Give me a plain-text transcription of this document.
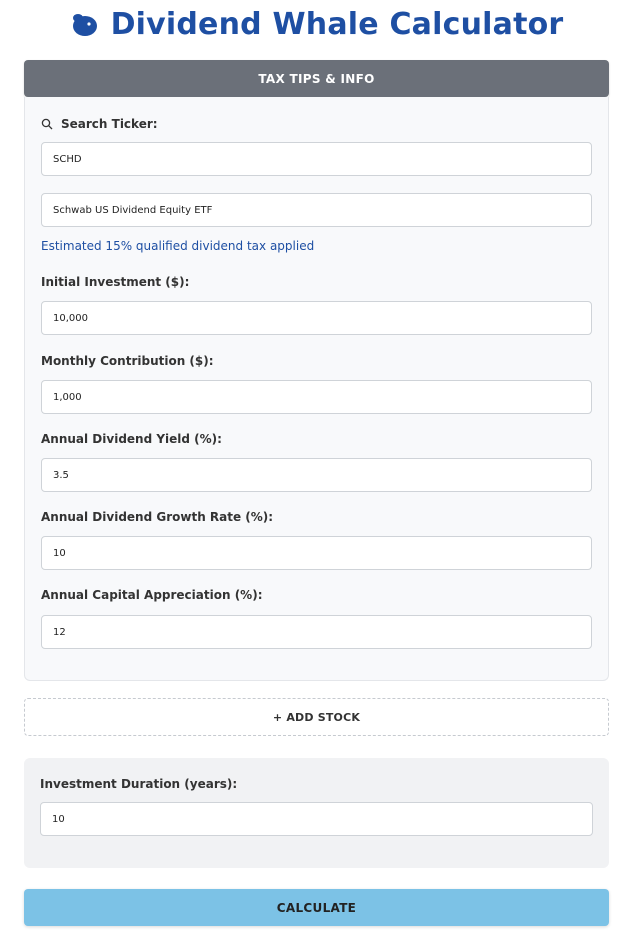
Dividend Whale Calculator
TAX TIPS & INFO
Search Ticker:
SCHD
Schwab US Dividend Equity ETF
Estimated 15% qualified dividend tax applied
Initial Investment ($):
10,000
Monthly Contribution ($):
1,000
Annual Dividend Yield (%):
3.5
Annual Dividend Growth Rate (%):
10
Annual Capital Appreciation (%):
12
+ ADD STOCK
Investment Duration (years):
10
CALCULATE
